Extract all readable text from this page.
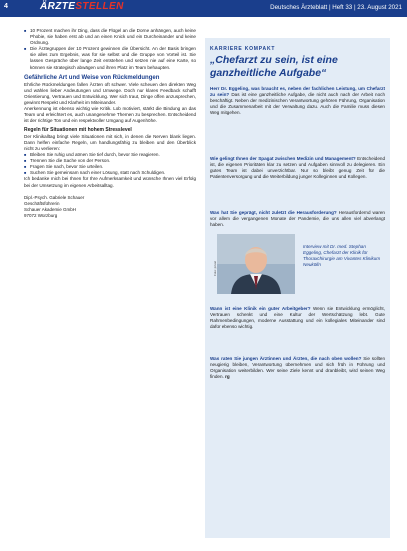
4	ÄRZTESTELLEN	Deutsches Ärzteblatt | Heft 33 | 23. August 2021
■ 10 Prozent machen ihr Ding, dass die Flügel an die Dorne anhängen, auch keine Phobie, sie haben erst ab und an einen Knick und ein Durcheinander und keine Ordnung.
■ Die Ärztegruppen der 10 Prozent gewinnen die Übersicht. An der Basis bringen sie alles zum Ergebnis, was für sie selbst und die Gruppe von Vorteil ist. Sie lassen Gespräche über lange Zeit entstehen und setzen nie auf eine Karte, so können sie strategisch abwägen und ihren Platz im Team behaupten.
Gefährliche Art und Weise von Rückmeldungen

Ehrliche Rückmeldungen fallen Ärzten oft schwer. Viele scheuen den direkten Weg und wählen lieber Andeutungen und Umwege. Doch nur klares Feedback schafft Orientierung, Vertrauen und Entwicklung. Wer sich traut, Dinge offen anzusprechen, gewinnt Respekt und Klarheit im Miteinander.

Anerkennung ist ebenso wichtig wie Kritik. Lob motiviert, stärkt die Bindung an das Team und erleichtert es, auch unangenehme Themen zu besprechen. Entscheidend ist der richtige Ton und ein respektvoller Umgang auf Augenhöhe.

Regeln für Situationen mit hohem Stresslevel

Der Klinikalltag bringt viele Situationen mit sich, in denen die Nerven blank liegen. Dann helfen einfache Regeln, um handlungsfähig zu bleiben und den Überblick nicht zu verlieren:

■ Bleiben Sie ruhig und atmen Sie tief durch, bevor Sie reagieren.
■ Trennen Sie die Sache von der Person.
■ Fragen Sie nach, bevor Sie urteilen.
■ Suchen Sie gemeinsam nach einer Lösung, statt nach Schuldigen.

Ich bedanke mich bei Ihnen für Ihre Aufmerksamkeit und wünsche Ihnen viel Erfolg bei der Umsetzung im eigenen Arbeitsalltag.

Dipl.-Psych. Gabriele Schauer
Geschäftsführerin
Schauer Akademie GmbH
97072 Würzburg
KARRIERE KOMPAKT
„Chefarzt zu sein, ist eine ganzheitliche Aufgabe“
Herr Dr. Eggeling, was braucht es, neben der fachlichen Leistung, um Chefarzt zu sein? Das ist eine ganzheitliche Aufgabe, die nicht auch nach der Arbeit noch beschäftigt. Neben der medizinischen Verantwortung gehören Führung, Organisation und die Zusammenarbeit mit der Verwaltung dazu. Auch die Familie muss diesen Weg mitgehen.
Wie gelingt Ihnen der Spagat zwischen Medizin und Management? Entscheidend ist, die eigenen Prioritäten klar zu setzen und Aufgaben sinnvoll zu delegieren. Ein gutes Team ist dabei unverzichtbar. Nur so bleibt genug Zeit für die Patientenversorgung und die Weiterbildung junger Kolleginnen und Kollegen.
Was hat Sie geprägt, nicht zuletzt die Herausforderung? Herausfordernd waren vor allem die vergangenen Monate der Pandemie, die uns allen viel abverlangt haben.
Foto: privat
Interview mit Dr. med. Stephan Eggeling, Chefarzt der Klinik für Thoraxchirurgie am Vivantes Klinikum Neukölln
Wann ist eine Klinik ein guter Arbeitgeber? Wenn sie Entwicklung ermöglicht, Vertrauen schenkt und eine Kultur der Wertschätzung lebt. Gute Rahmenbedingungen, moderne Ausstattung und ein kollegiales Miteinander sind dafür ebenso wichtig.
Was raten Sie jungen Ärztinnen und Ärzten, die nach oben wollen? Sie sollten neugierig bleiben, Verantwortung übernehmen und sich früh in Führung und Organisation weiterbilden. Wer seine Ziele kennt und dranbleibt, wird seinen Weg finden. rg
